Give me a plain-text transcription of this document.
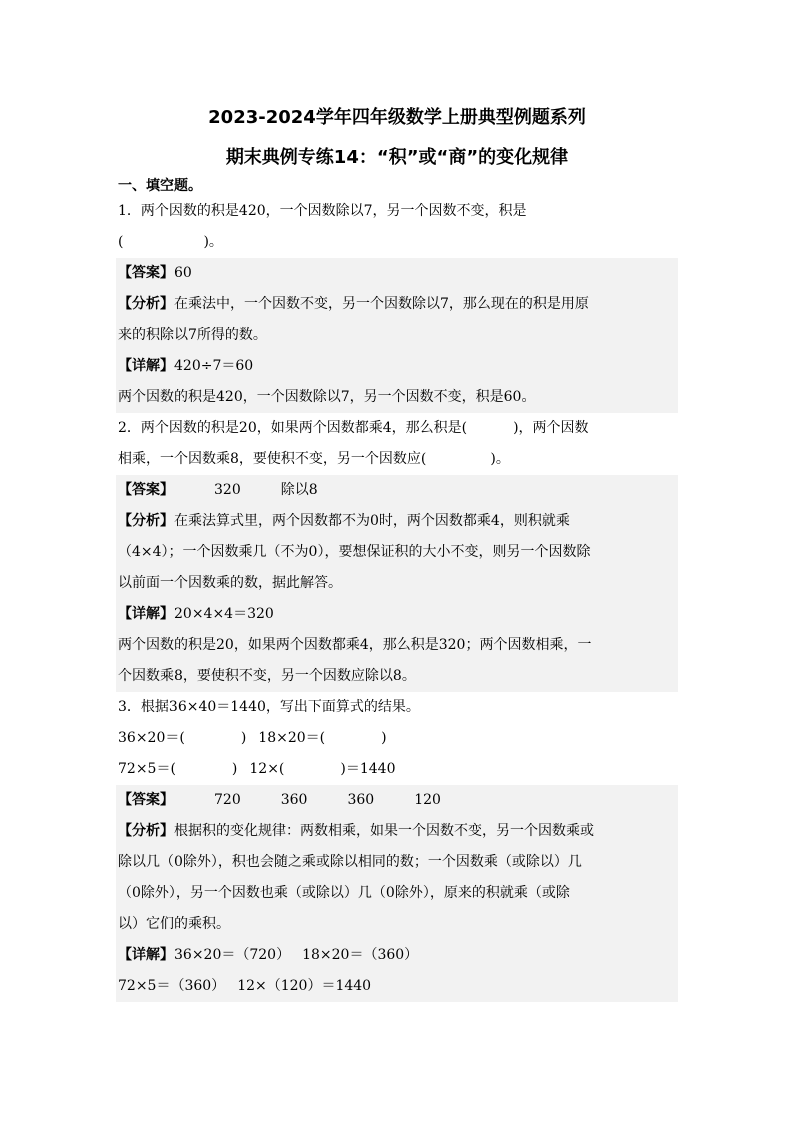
2023-2024学年四年级数学上册典型例题系列
期末典例专练14：“积”或“商”的变化规律
一、填空题。
1．两个因数的积是420，一个因数除以7，另一个因数不变，积是
(	)。
【答案】60
【分析】在乘法中，一个因数不变，另一个因数除以7，那么现在的积是用原
来的积除以7所得的数。
【详解】420÷7＝60
两个因数的积是420，一个因数除以7，另一个因数不变，积是60。
2．两个因数的积是20，如果两个因数都乘4，那么积是(	)，两个因数
相乘，一个因数乘8，要使积不变，另一个因数应(	)。
【答案】	320	除以8
【分析】在乘法算式里，两个因数都不为0时，两个因数都乘4，则积就乘
（4×4）；一个因数乘几（不为0），要想保证积的大小不变，则另一个因数除
以前面一个因数乘的数，据此解答。
【详解】20×4×4＝320
两个因数的积是20，如果两个因数都乘4，那么积是320；两个因数相乘，一
个因数乘8，要使积不变，另一个因数应除以8。
3．根据36×40＝1440，写出下面算式的结果。
36×20＝(	) 18×20＝(	)
72×5＝(	) 12×(	)＝1440
【答案】	720	360	360	120
【分析】根据积的变化规律：两数相乘，如果一个因数不变，另一个因数乘或
除以几（0除外），积也会随之乘或除以相同的数；一个因数乘（或除以）几
（0除外），另一个因数也乘（或除以）几（0除外），原来的积就乘（或除
以）它们的乘积。
【详解】36×20＝（720） 18×20＝（360）
72×5＝（360） 12×（120）＝1440
